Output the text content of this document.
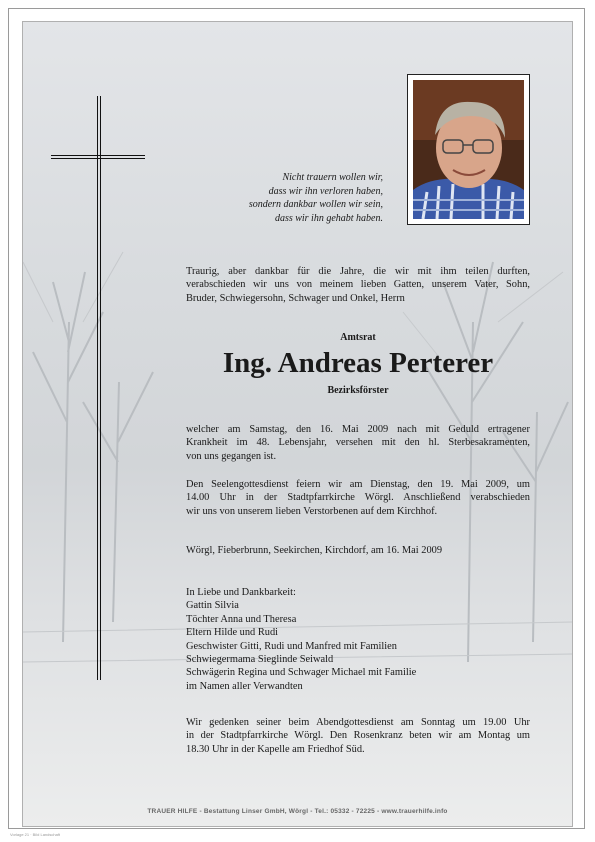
Nicht trauern wollen wir,
dass wir ihn verloren haben,
sondern dankbar wollen wir sein,
dass wir ihn gehabt haben.
Traurig, aber dankbar für die Jahre, die wir mit ihm teilen durften,
verabschieden wir uns von meinem lieben Gatten, unserem Vater, Sohn,
Bruder, Schwiegersohn, Schwager und Onkel, Herrn
Amtsrat
Ing. Andreas Perterer
Bezirksförster
welcher am Samstag, den 16. Mai 2009 nach mit Geduld ertragener
Krankheit im 48. Lebensjahr, versehen mit den hl. Sterbesakramenten,
von uns gegangen ist.
Den Seelengottesdienst feiern wir am Dienstag, den 19. Mai 2009, um
14.00 Uhr in der Stadtpfarrkirche Wörgl. Anschließend verabschieden
wir uns von unserem lieben Verstorbenen auf dem Kirchhof.
Wörgl, Fieberbrunn, Seekirchen, Kirchdorf, am 16. Mai 2009
In Liebe und Dankbarkeit:
Gattin Silvia
Töchter Anna und Theresa
Eltern Hilde und Rudi
Geschwister Gitti, Rudi und Manfred mit Familien
Schwiegermama Sieglinde Seiwald
Schwägerin Regina und Schwager Michael mit Familie
im Namen aller Verwandten
Wir gedenken seiner beim Abendgottesdienst am Sonntag um 19.00 Uhr
in der Stadtpfarrkirche Wörgl. Den Rosenkranz beten wir am Montag um
18.30 Uhr in der Kapelle am Friedhof Süd.
TRAUER HILFE - Bestattung Linser GmbH, Wörgl - Tel.: 05332 - 72225 - www.trauerhilfe.info
Vorlage 21 · Bild Landschaft
